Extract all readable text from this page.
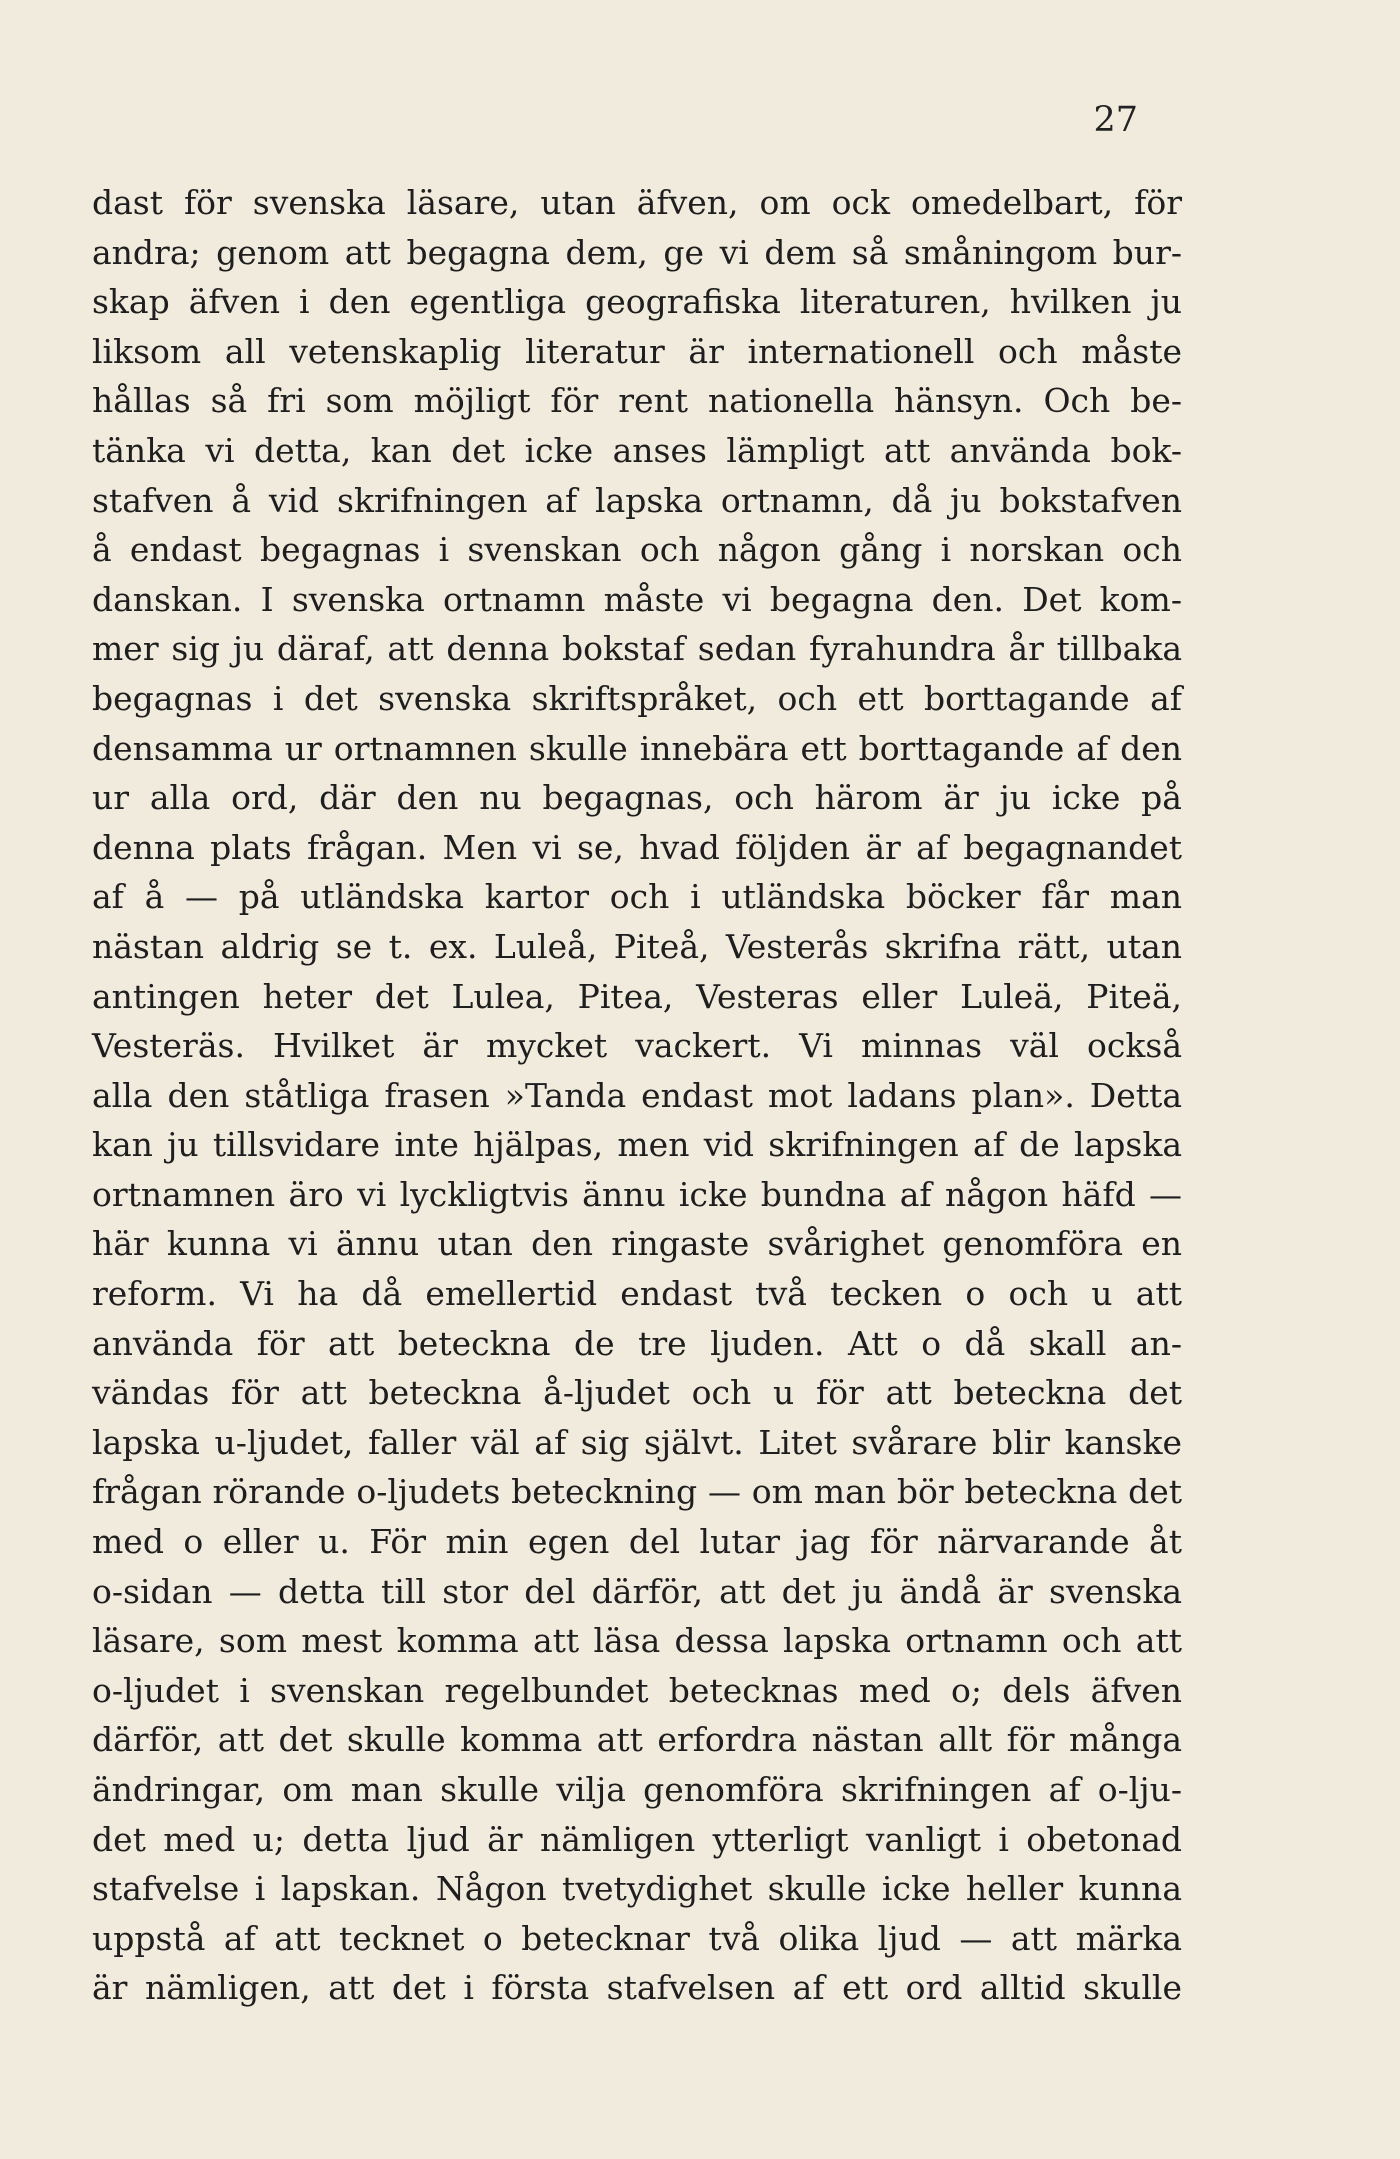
27
dast för svenska läsare, utan äfven, om ock omedelbart, för
andra; genom att begagna dem, ge vi dem så småningom bur-
skap äfven i den egentliga geografiska literaturen, hvilken ju
liksom all vetenskaplig literatur är internationell och måste
hållas så fri som möjligt för rent nationella hänsyn. Och be-
tänka vi detta, kan det icke anses lämpligt att använda bok-
stafven å vid skrifningen af lapska ortnamn, då ju bokstafven
å endast begagnas i svenskan och någon gång i norskan och
danskan. I svenska ortnamn måste vi begagna den. Det kom-
mer sig ju däraf, att denna bokstaf sedan fyrahundra år tillbaka
begagnas i det svenska skriftspråket, och ett borttagande af
densamma ur ortnamnen skulle innebära ett borttagande af den
ur alla ord, där den nu begagnas, och härom är ju icke på
denna plats frågan. Men vi se, hvad följden är af begagnandet
af å — på utländska kartor och i utländska böcker får man
nästan aldrig se t. ex. Luleå, Piteå, Vesterås skrifna rätt, utan
antingen heter det Lulea, Pitea, Vesteras eller Luleä, Piteä,
Vesteräs. Hvilket är mycket vackert. Vi minnas väl också
alla den ståtliga frasen »Tanda endast mot ladans plan». Detta
kan ju tillsvidare inte hjälpas, men vid skrifningen af de lapska
ortnamnen äro vi lyckligtvis ännu icke bundna af någon häfd —
här kunna vi ännu utan den ringaste svårighet genomföra en
reform. Vi ha då emellertid endast två tecken o och u att
använda för att beteckna de tre ljuden. Att o då skall an-
vändas för att beteckna å-ljudet och u för att beteckna det
lapska u-ljudet, faller väl af sig självt. Litet svårare blir kanske
frågan rörande o-ljudets beteckning — om man bör beteckna det
med o eller u. För min egen del lutar jag för närvarande åt
o-sidan — detta till stor del därför, att det ju ändå är svenska
läsare, som mest komma att läsa dessa lapska ortnamn och att
o-ljudet i svenskan regelbundet betecknas med o; dels äfven
därför, att det skulle komma att erfordra nästan allt för många
ändringar, om man skulle vilja genomföra skrifningen af o-lju-
det med u; detta ljud är nämligen ytterligt vanligt i obetonad
stafvelse i lapskan. Någon tvetydighet skulle icke heller kunna
uppstå af att tecknet o betecknar två olika ljud — att märka
är nämligen, att det i första stafvelsen af ett ord alltid skulle
